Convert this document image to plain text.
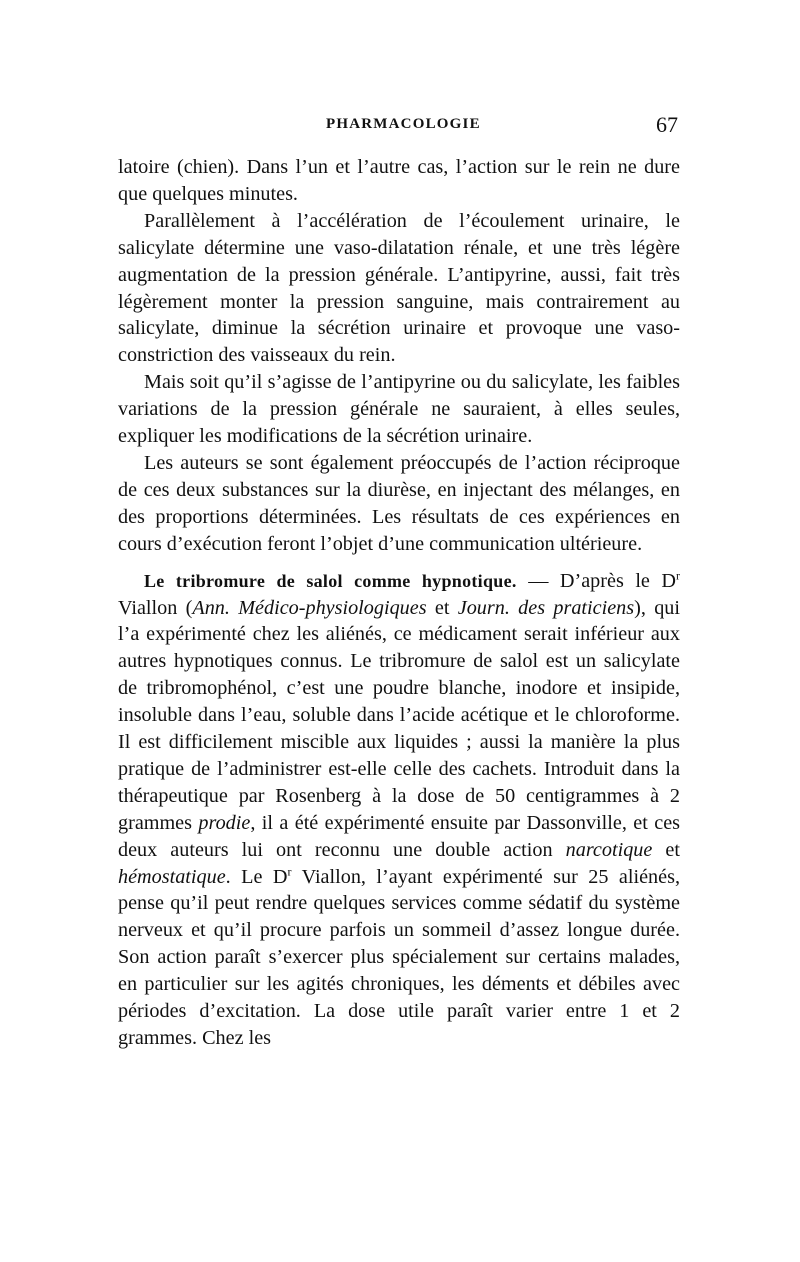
PHARMACOLOGIE	67

latoire (chien). Dans l’un et l’autre cas, l’action sur le rein ne dure que quelques minutes.

Parallèlement à l’accélération de l’écoulement urinaire, le salicylate détermine une vaso-dilatation rénale, et une très légère augmentation de la pression générale. L’antipyrine, aussi, fait très légèrement monter la pression sanguine, mais contrairement au salicylate, diminue la sécrétion urinaire et provoque une vaso-constriction des vaisseaux du rein.

Mais soit qu’il s’agisse de l’antipyrine ou du salicylate, les faibles variations de la pression générale ne sauraient, à elles seules, expliquer les modifications de la sécrétion urinaire.

Les auteurs se sont également préoccupés de l’action réciproque de ces deux substances sur la diurèse, en injectant des mélanges, en des proportions déterminées. Les résultats de ces expériences en cours d’exécution feront l’objet d’une communication ultérieure.

Le tribromure de salol comme hypnotique. — D’après le $D^r$ Viallon (Ann. Médico-physiologiques et Journ. des praticiens), qui l’a expérimenté chez les aliénés, ce médicament serait inférieur aux autres hypnotiques connus. Le tribromure de salol est un salicylate de tribromophénol, c’est une poudre blanche, inodore et insipide, insoluble dans l’eau, soluble dans l’acide acétique et le chloroforme. Il est difficilement miscible aux liquides ; aussi la manière la plus pratique de l’administrer est-elle celle des cachets. Introduit dans la thérapeutique par Rosenberg à la dose de 50 centigrammes à 2 grammes prodie, il a été expérimenté ensuite par Dassonville, et ces deux auteurs lui ont reconnu une double action narcotique et hémostatique. Le $D^r$ Viallon, l’ayant expérimenté sur 25 aliénés, pense qu’il peut rendre quelques services comme sédatif du système nerveux et qu’il procure parfois un sommeil d’assez longue durée. Son action paraît s’exercer plus spécialement sur certains malades, en particulier sur les agités chroniques, les déments et débiles avec périodes d’excitation. La dose utile paraît varier entre 1 et 2 grammes. Chez les
